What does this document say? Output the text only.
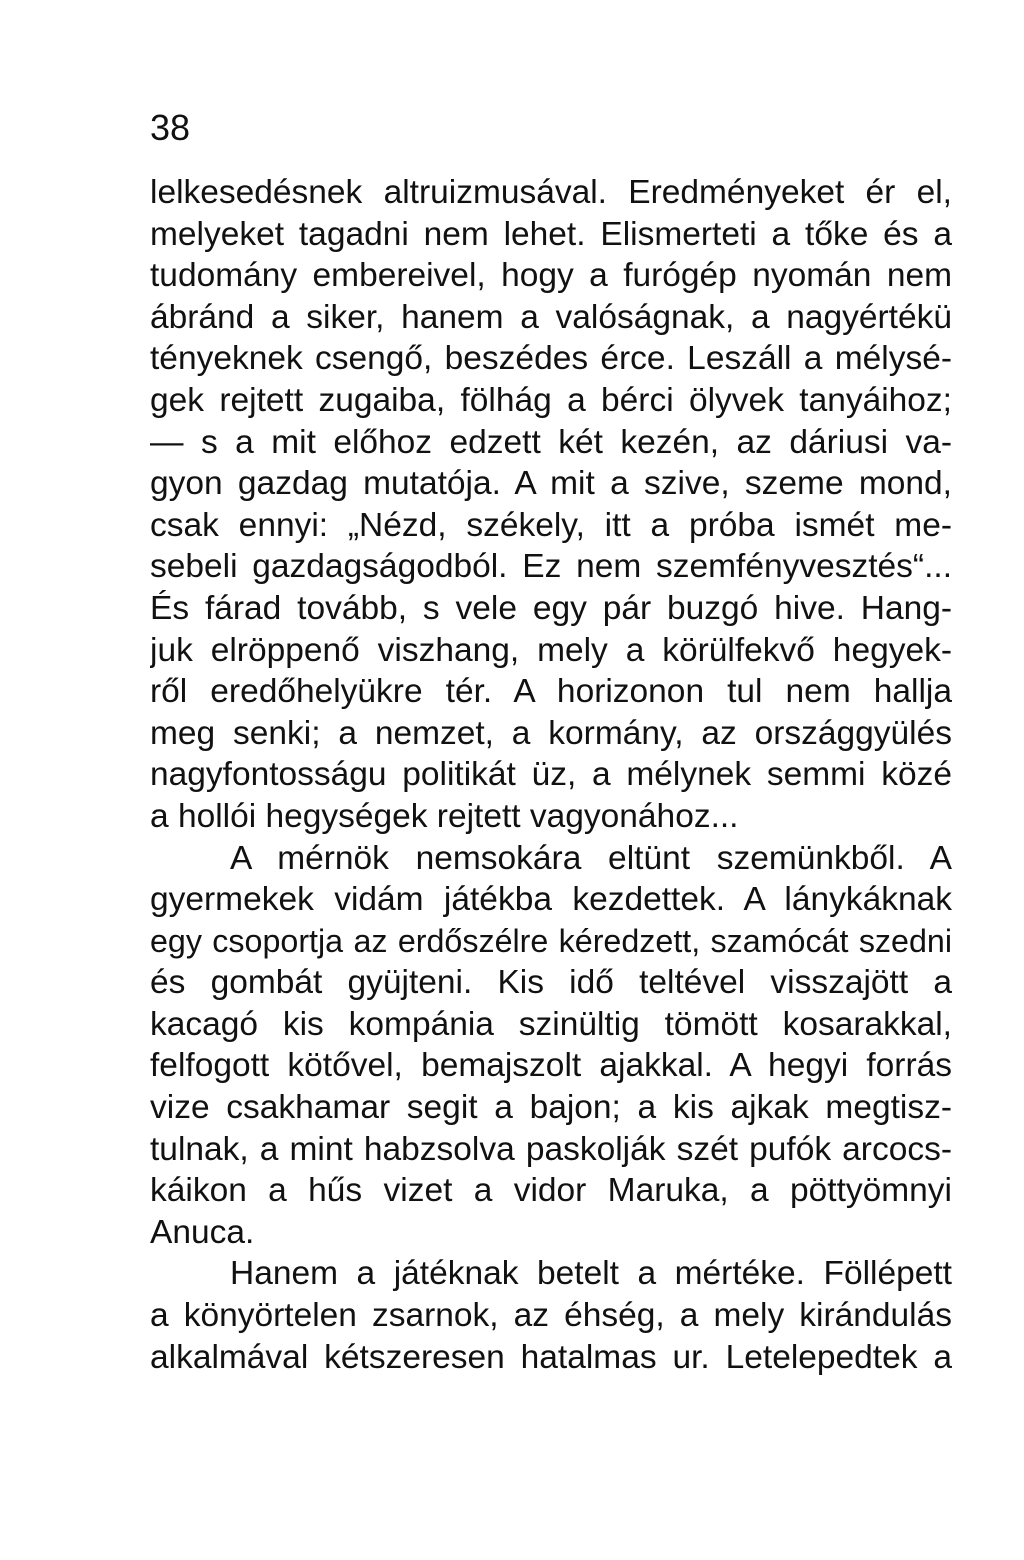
38
lelkesedésnek altruizmusával. Eredményeket ér el,
melyeket tagadni nem lehet. Elismerteti a tőke és a
tudomány embereivel, hogy a furógép nyomán nem
ábránd a siker, hanem a valóságnak, a nagyértékü
tényeknek csengő, beszédes érce. Leszáll a mélysé-
gek rejtett zugaiba, fölhág a bérci ölyvek tanyáihoz;
— s a mit előhoz edzett két kezén, az dáriusi va-
gyon gazdag mutatója. A mit a szive, szeme mond,
csak ennyi: „Nézd, székely, itt a próba ismét me-
sebeli gazdagságodból. Ez nem szemfényvesztés“...
És fárad tovább, s vele egy pár buzgó hive. Hang-
juk elröppenő viszhang, mely a körülfekvő hegyek-
ről eredőhelyükre tér. A horizonon tul nem hallja
meg senki; a nemzet, a kormány, az országgyülés
nagyfontosságu politikát üz, a mélynek semmi közé
a hollói hegységek rejtett vagyonához...
A mérnök nemsokára eltünt szemünkből. A
gyermekek vidám játékba kezdettek. A lánykáknak
egy csoportja az erdőszélre kéredzett, szamócát szedni
és gombát gyüjteni. Kis idő teltével visszajött a
kacagó kis kompánia szinültig tömött kosarakkal,
felfogott kötővel, bemajszolt ajakkal. A hegyi forrás
vize csakhamar segit a bajon; a kis ajkak megtisz-
tulnak, a mint habzsolva paskolják szét pufók arcocs-
káikon a hűs vizet a vidor Maruka, a pöttyömnyi
Anuca.
Hanem a játéknak betelt a mértéke. Föllépett
a könyörtelen zsarnok, az éhség, a mely kirándulás
alkalmával kétszeresen hatalmas ur. Letelepedtek a
